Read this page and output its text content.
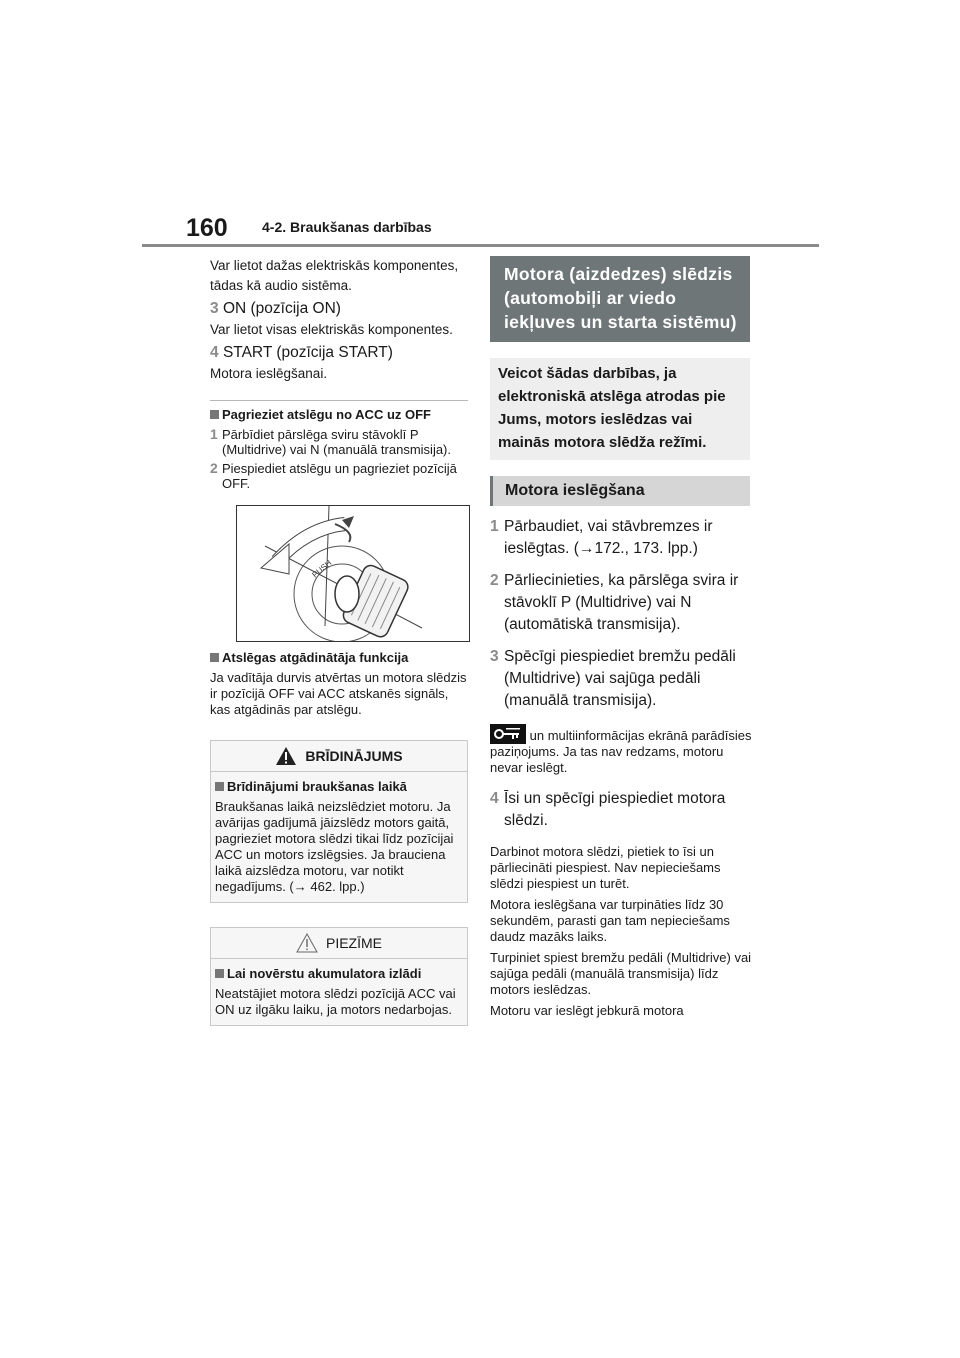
160 4-2. Braukšanas darbības

Var lietot dažas elektriskās komponentes, tādas kā audio sistēma.

3 ON (pozīcija ON)

Var lietot visas elektriskās komponentes.

4 START (pozīcija START)

Motora ieslēgšanai.

Pagrieziet atslēgu no ACC uz OFF

1 Pārbīdiet pārslēga sviru stāvoklī P (Multidrive) vai N (manuālā transmisija).
2 Piespiediet atslēgu un pagrieziet pozīcijā OFF.
PUSH

Atslēgas atgādinātāja funkcija

Ja vadītāja durvis atvērtas un motora slēdzis ir pozīcijā OFF vai ACC atskanēs signāls, kas atgādinās par atslēgu.

BRĪDINĀJUMS

Brīdinājumi braukšanas laikā

Braukšanas laikā neizslēdziet motoru. Ja avārijas gadījumā jāizslēdz motors gaitā, pagrieziet motora slēdzi tikai līdz pozīcijai ACC un motors izslēgsies. Ja brauciena laikā aizslēdza motoru, var notikt negadījums. (→ 462. lpp.)

PIEZĪME

Lai novērstu akumulatora izlādi

Neatstājiet motora slēdzi pozīcijā ACC vai ON uz ilgāku laiku, ja motors nedarbojas.

Motora (aizdedzes) slēdzis (automobiļi ar viedo iekļuves un starta sistēmu)
Veicot šādas darbības, ja elektroniskā atslēga atrodas pie Jums, motors ieslēdzas vai mainās motora slēdža režīmi.
Motora ieslēgšana
1 Pārbaudiet, vai stāvbremzes ir ieslēgtas. (→172., 173. lpp.)
2 Pārliecinieties, ka pārslēga svira ir stāvoklī P (Multidrive) vai N (automātiskā transmisija).
3 Spēcīgi piespiediet bremžu pedāli (Multidrive) vai sajūga pedāli (manuālā transmisija).

un multiinformācijas ekrānā parādīsies paziņojums. Ja tas nav redzams, motoru nevar ieslēgt.

4 Īsi un spēcīgi piespiediet motora slēdzi.

Darbinot motora slēdzi, pietiek to īsi un pārliecināti piespiest. Nav nepieciešams slēdzi piespiest un turēt.

Motora ieslēgšana var turpināties līdz 30 sekundēm, parasti gan tam nepieciešams daudz mazāks laiks.

Turpiniet spiest bremžu pedāli (Multidrive) vai sajūga pedāli (manuālā transmisija) līdz motors ieslēdzas.

Motoru var ieslēgt jebkurā motora
